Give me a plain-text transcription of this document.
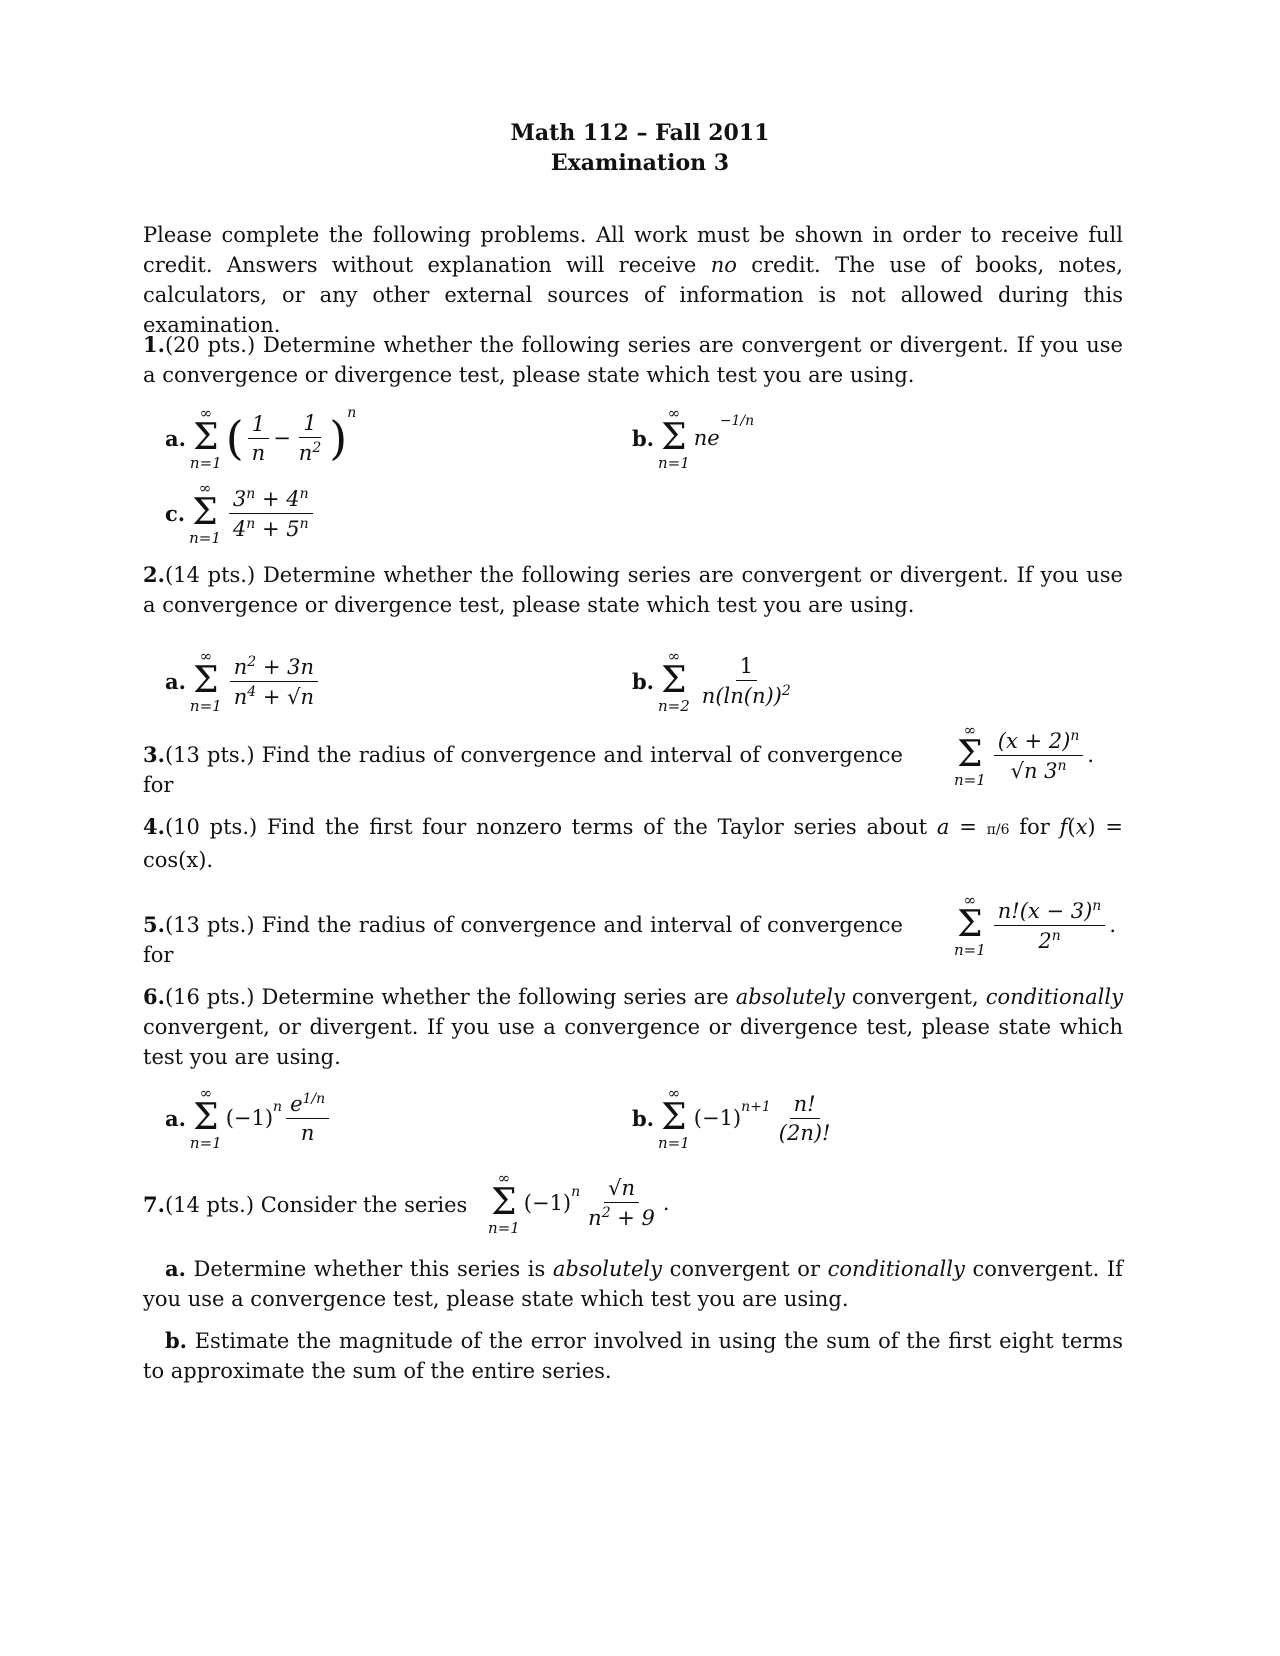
Math 112 – Fall 2011
Examination 3
Please complete the following problems. All work must be shown in order to receive full credit. Answers without explanation will receive no credit. The use of books, notes, calculators, or any other external sources of information is not allowed during this examination.
1.(20 pts.) Determine whether the following series are convergent or divergent. If you use a convergence or divergence test, please state which test you are using.
a.
∞
Σ
n=1 ( $\frac{1}{n} - \frac{1}{n^2} )^n$
b.
∞
Σ
n=1
ne
$^{-1/n}$
c.
∞
Σ
$n=1 \frac{3^n + 4^n}{4^n + 5^n}$
2.(14 pts.) Determine whether the following series are convergent or divergent. If you use a convergence or divergence test, please state which test you are using.
a.
∞
Σ
$n=1 \frac{n^2 + 3n}{n^4 + √n}$	b.
∞
Σ
$n=2 \frac{1}{n(\ln(n))^2}$
3.(13 pts.) Find the radius of convergence and interval of convergence for
∞
Σ
$n=1 \frac{(x + 2)^n}{√n 3^n}$ .
4.(10 pts.) Find the first four nonzero terms of the Taylor series about a = π/6 for f(x) = cos(x).
5.(13 pts.) Find the radius of convergence and interval of convergence for
∞
Σ
$n=1 \frac{n!(x - 3)^n}{2^n}$ .
6.(16 pts.) Determine whether the following series are absolutely convergent, conditionally convergent, or divergent. If you use a convergence or divergence test, please state which test you are using.
a.
∞
Σ
n=1
$(-1)^n \frac{e^{1/n}}{n}$	b.
∞
Σ
n=1
$(-1)^{n+1} \frac{n!}{(2n)!}$
7.(14 pts.) Consider the series
∞
Σ
n=1
$(-1)^n \frac{√n}{n^2 + 9}$ .
a. Determine whether this series is absolutely convergent or conditionally convergent. If you use a convergence test, please state which test you are using.
b. Estimate the magnitude of the error involved in using the sum of the first eight terms to approximate the sum of the entire series.
